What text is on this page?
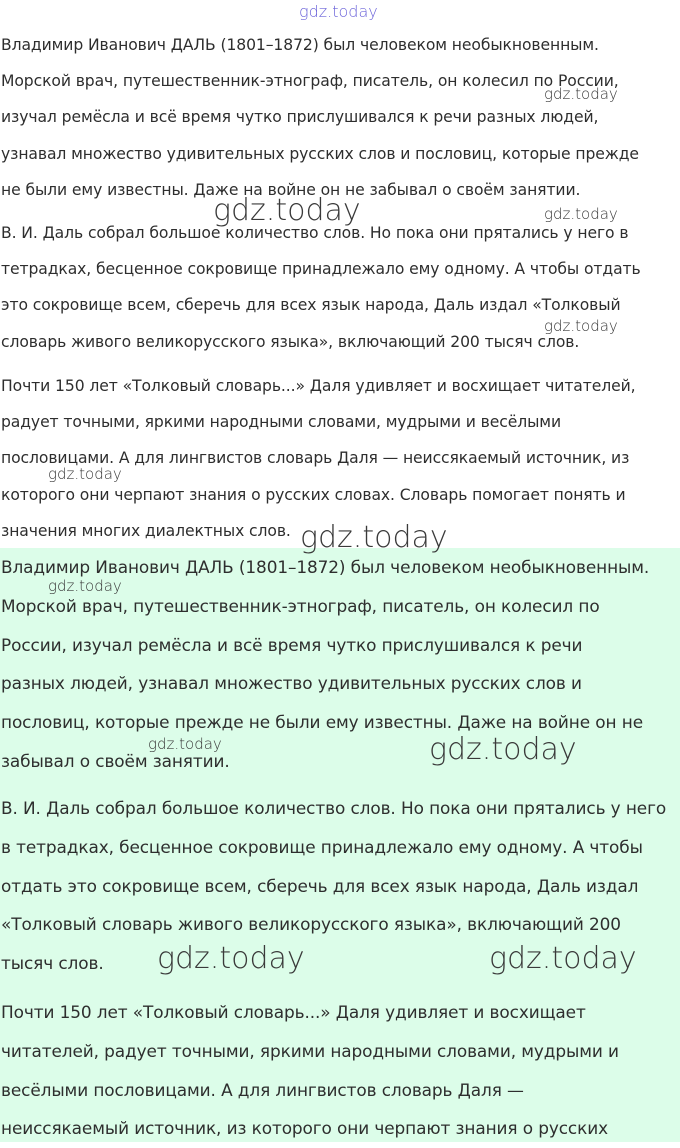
Владимир Иванович ДАЛЬ (1801–1872) был человеком необыкновенным.
Морской врач, путешественник-этнограф, писатель, он колесил по России,
изучал ремёсла и всё время чутко прислушивался к речи разных людей,
узнавал множество удивительных русских слов и пословиц, которые прежде
не были ему известны. Даже на войне он не забывал о своём занятии.
В. И. Даль собрал большое количество слов. Но пока они прятались у него в
тетрадках, бесценное сокровище принадлежало ему одному. А чтобы отдать
это сокровище всем, сберечь для всех язык народа, Даль издал «Толковый
словарь живого великорусского языка», включающий 200 тысяч слов.
Почти 150 лет «Толковый словарь...» Даля удивляет и восхищает читателей,
радует точными, яркими народными словами, мудрыми и весёлыми
пословицами. А для лингвистов словарь Даля — неиссякаемый источник, из
которого они черпают знания о русских словах. Словарь помогает понять и
значения многих диалектных слов.
Владимир Иванович ДАЛЬ (1801–1872) был человеком необыкновенным.
Морской врач, путешественник-этнограф, писатель, он колесил по
России, изучал ремёсла и всё время чутко прислушивался к речи
разных людей, узнавал множество удивительных русских слов и
пословиц, которые прежде не были ему известны. Даже на войне он не
забывал о своём занятии.
В. И. Даль собрал большое количество слов. Но пока они прятались у него
в тетрадках, бесценное сокровище принадлежало ему одному. А чтобы
отдать это сокровище всем, сберечь для всех язык народа, Даль издал
«Толковый словарь живого великорусского языка», включающий 200
тысяч слов.
Почти 150 лет «Толковый словарь...» Даля удивляет и восхищает
читателей, радует точными, яркими народными словами, мудрыми и
весёлыми пословицами. А для лингвистов словарь Даля —
неиссякаемый источник, из которого они черпают знания о русских
gdz.today
gdz.today
gdz.today	gdz.today
gdz.today
gdz.today
gdz.today
gdz.today
gdz.today	gdz.today
gdz.today	gdz.today
